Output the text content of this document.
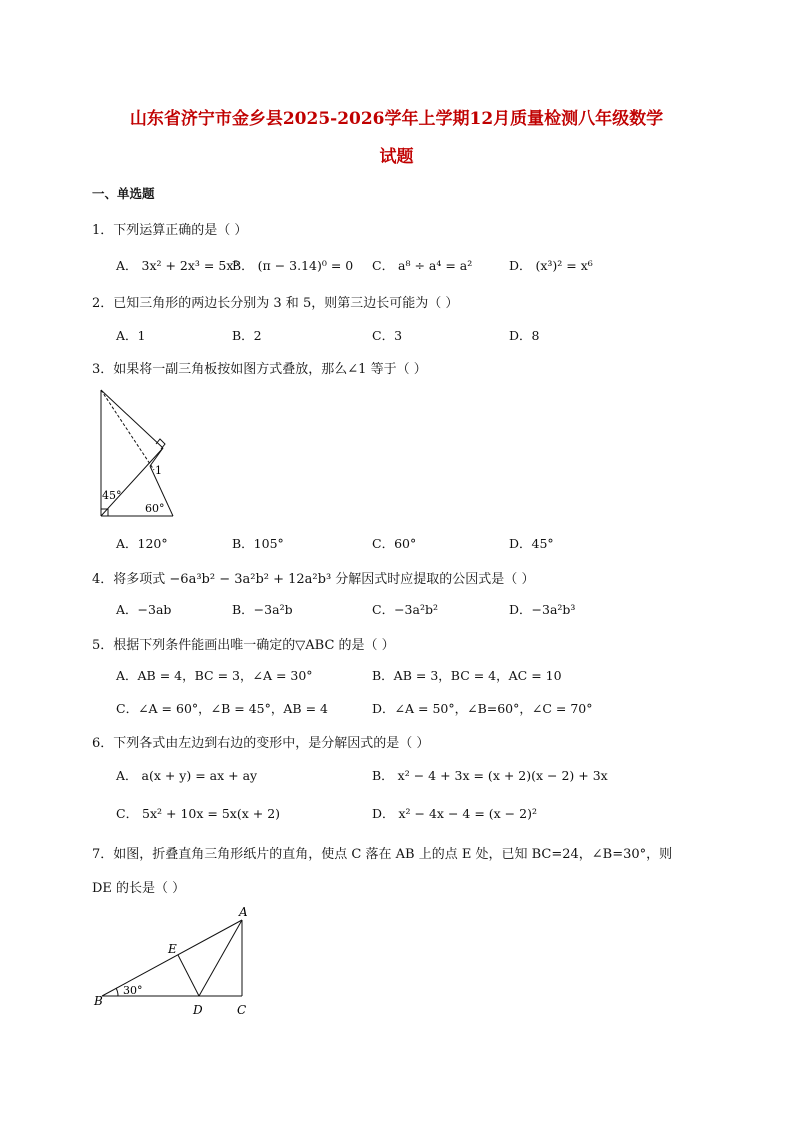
山东省济宁市金乡县2025-2026学年上学期12月质量检测八年级数学
试题
一、单选题
1．下列运算正确的是（ ）
A． 3x² + 2x³ = 5x⁵
B． (π − 3.14)⁰ = 0 C． a⁸ ÷ a⁴ = a²	D． (x³)² = x⁶
2．已知三角形的两边长分别为 3 和 5，则第三边长可能为（ ）
A．1	B．2	C．3	D．8
3．如果将一副三角板按如图方式叠放，那么∠1 等于（ ）
1
45°
60°
A．120°	B．105°	C．60°	D．45°
4．将多项式 −6a³b² − 3a²b² + 12a²b³ 分解因式时应提取的公因式是（ ）
A．−3ab	B．−3a²b	C．−3a²b²	D．−3a²b³
5．根据下列条件能画出唯一确定的▽ABC 的是（ ）
A．AB = 4，BC = 3，∠A = 30°	B．AB = 3，BC = 4，AC = 10
C．∠A = 60°，∠B = 45°，AB = 4	D．∠A = 50°，∠B=60°，∠C = 70°
6．下列各式由左边到右边的变形中，是分解因式的是（ ）
A． a(x + y) = ax + ay	B． x² − 4 + 3x = (x + 2)(x − 2) + 3x
C． 5x² + 10x = 5x(x + 2)	D． x² − 4x − 4 = (x − 2)²
7．如图，折叠直角三角形纸片的直角，使点 C 落在 AB 上的点 E 处，已知 BC=24，∠B=30°，则
DE 的长是（ ）
A
B
C
D
E
30°
